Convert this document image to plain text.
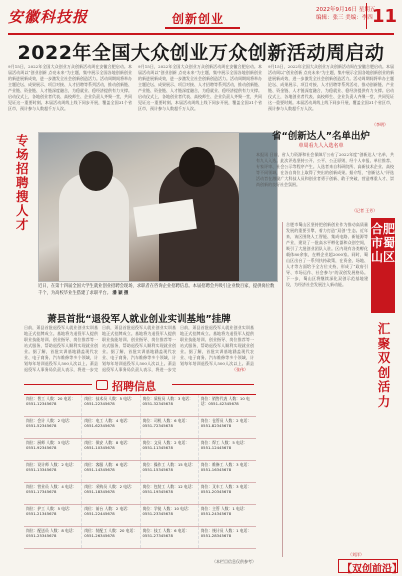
安徽科技报	创新创业
2022年9月16日 星期五
编辑：张三 美编：李四 11
2022年全国大众创业万众创新活动周启动
9月15日，2022年全国大众创业万众创新活动周在安徽合肥启动。本届活动周以“创业创新 点亮未来”为主题，集中展示全国各地创新创业的新进展新成效，进一步激发全社会创新创造活力。活动周期间将举办主题论坛、成果展示、项目对接、人才招聘等系列活动，推动创新链、产业链、资金链、人才链深度融合，为稳就业、稳经济提供有力支撑。启动仪式上，各地创业者代表、高校师生、企业负责人齐聚一堂，共同见证这一重要时刻。本届活动周线上线下同步开展，覆盖全国31个省区市，预计参与人数超千万人次。
9月15日，2022年全国大众创业万众创新活动周在安徽合肥启动。本届活动周以“创业创新 点亮未来”为主题，集中展示全国各地创新创业的新进展新成效，进一步激发全社会创新创造活力。活动周期间将举办主题论坛、成果展示、项目对接、人才招聘等系列活动，推动创新链、产业链、资金链、人才链深度融合，为稳就业、稳经济提供有力支撑。启动仪式上，各地创业者代表、高校师生、企业负责人齐聚一堂，共同见证这一重要时刻。本届活动周线上线下同步开展，覆盖全国31个省区市，预计参与人数超千万人次。
9月15日，2022年全国大众创业万众创新活动周在安徽合肥启动。本届活动周以“创业创新 点亮未来”为主题，集中展示全国各地创新创业的新进展新成效，进一步激发全社会创新创造活力。活动周期间将举办主题论坛、成果展示、项目对接、人才招聘等系列活动，推动创新链、产业链、资金链、人才链深度融合，为稳就业、稳经济提供有力支撑。启动仪式上，各地创业者代表、高校师生、企业负责人齐聚一堂，共同见证这一重要时刻。本届活动周线上线下同步开展，覆盖全国31个省区市，预计参与人数超千万人次。
（李明）
专场招聘 搜人才
近日，在第十四届全国大学生就业创业招聘会现场，求职者在咨询企业招聘信息。本届招聘会共吸引企业数百家，提供岗位数千个，为高校毕业生搭建了求职平台。 潘 颖 摄
省“创新达人”名单出炉
单周看九人入选名单
本报讯 日前，省人力资源和社会保障厅公布了2022年度“创新达人”名单，共有九人入选。此次评选坚持公开、公平、公正原则，经个人申报、单位推荐、专家评审、社会公示等程序产生。入选者来自科研院所、高新技术企业、高校等不同领域，在各自岗位上取得了突出的创新成果。据介绍，“创新达人”评选活动旨在激励广大科技人员和创业者勇于创新、敢于突破，营造尊重人才、崇尚创新的良好社会氛围。
（记者 王芳）
合肥市蜀山区坚持把创新创业作为推动高质量发展的重要引擎，着力打造“双创”生态。近年来，该区围绕人工智能、集成电路、新能源等产业，建设了一批高水平孵化器和众创空间，吸引了大批创业团队入驻。区内现有各类孵化载体80余家，在孵企业超2000家。同时，蜀山区出台了一系列扶持政策，在资金、场地、人才等方面给予全方位支持，形成了“政府引导、市场运作、社会参与”的双创发展格局。下一步，蜀山区将继续深化双创示范基地建设，为经济社会发展注入新动能。
（刘洋）
合肥市蜀山区
汇聚双创活力
萧县首批“退役军人就业创业实训基地”挂牌
日前，萧县首批退役军人就业创业实训基地正式挂牌成立。基地将为退役军人提供职业技能培训、创业指导、岗位推荐等一站式服务，帮助退役军人顺利实现就业创业。据了解，首批实训基地涵盖现代农业、电子商务、汽车维修等多个领域，计划每年培训退役军人500人次以上。萧县退役军人事务局负责人表示，将进一步完
日前，萧县首批退役军人就业创业实训基地正式挂牌成立。基地将为退役军人提供职业技能培训、创业指导、岗位推荐等一站式服务，帮助退役军人顺利实现就业创业。据了解，首批实训基地涵盖现代农业、电子商务、汽车维修等多个领域，计划每年培训退役军人500人次以上。萧县退役军人事务局负责人表示，将进一步完
日前，萧县首批退役军人就业创业实训基地正式挂牌成立。基地将为退役军人提供职业技能培训、创业指导、岗位推荐等一站式服务，帮助退役军人顺利实现就业创业。据了解，首批实训基地涵盖现代农业、电子商务、汽车维修等多个领域，计划每年培训退役军人500人次以上。萧县
（张伟）
招聘信息
岗位：普工 人数：20 电话：0551-12345678
岗位：技术员 人数：5 电话：0551-22345678
岗位：质检员 人数：3 电话：0551-32345678
岗位：销售代表 人数：10 电话：0551-42345678
岗位：会计 人数：2 电话：0551-52345678
岗位：电工 人数：4 电话：0551-62345678
岗位：司机 人数：6 电话：0551-72345678
岗位：仓管员 人数：2 电话：0551-82345678
岗位：厨师 人数：3 电话：0551-92345678
岗位：保安 人数：8 电话：0551-10345678
岗位：文员 人数：2 电话：0551-11345678
岗位：焊工 人数：5 电话：0551-12445678
岗位：设计师 人数：2 电话：0551-13345678
岗位：客服 人数：6 电话：0551-14345678
岗位：操作工 人数：15 电话：0551-15345678
岗位：维修工 人数：3 电话：0551-16345678
岗位：营业员 人数：4 电话：0551-17345678
岗位：采购员 人数：2 电话：0551-18345678
岗位：包装工 人数：12 电话：0551-19345678
岗位：叉车工 人数：3 电话：0551-20345678
岗位：护工 人数：5 电话：0551-21345678
岗位：前台 人数：2 电话：0551-22445678
岗位：学徒 人数：10 电话：0551-23345678
岗位：主管 人数：1 电话：0551-24345678
岗位：配送员 人数：8 电话：0551-25345678
岗位：装配工 人数：20 电话：0551-26345678
岗位：技工 人数：6 电话：0551-27345678
岗位：统计员 人数：1 电话：0551-28345678
（本栏目信息仅供参考）
【双创前沿】
